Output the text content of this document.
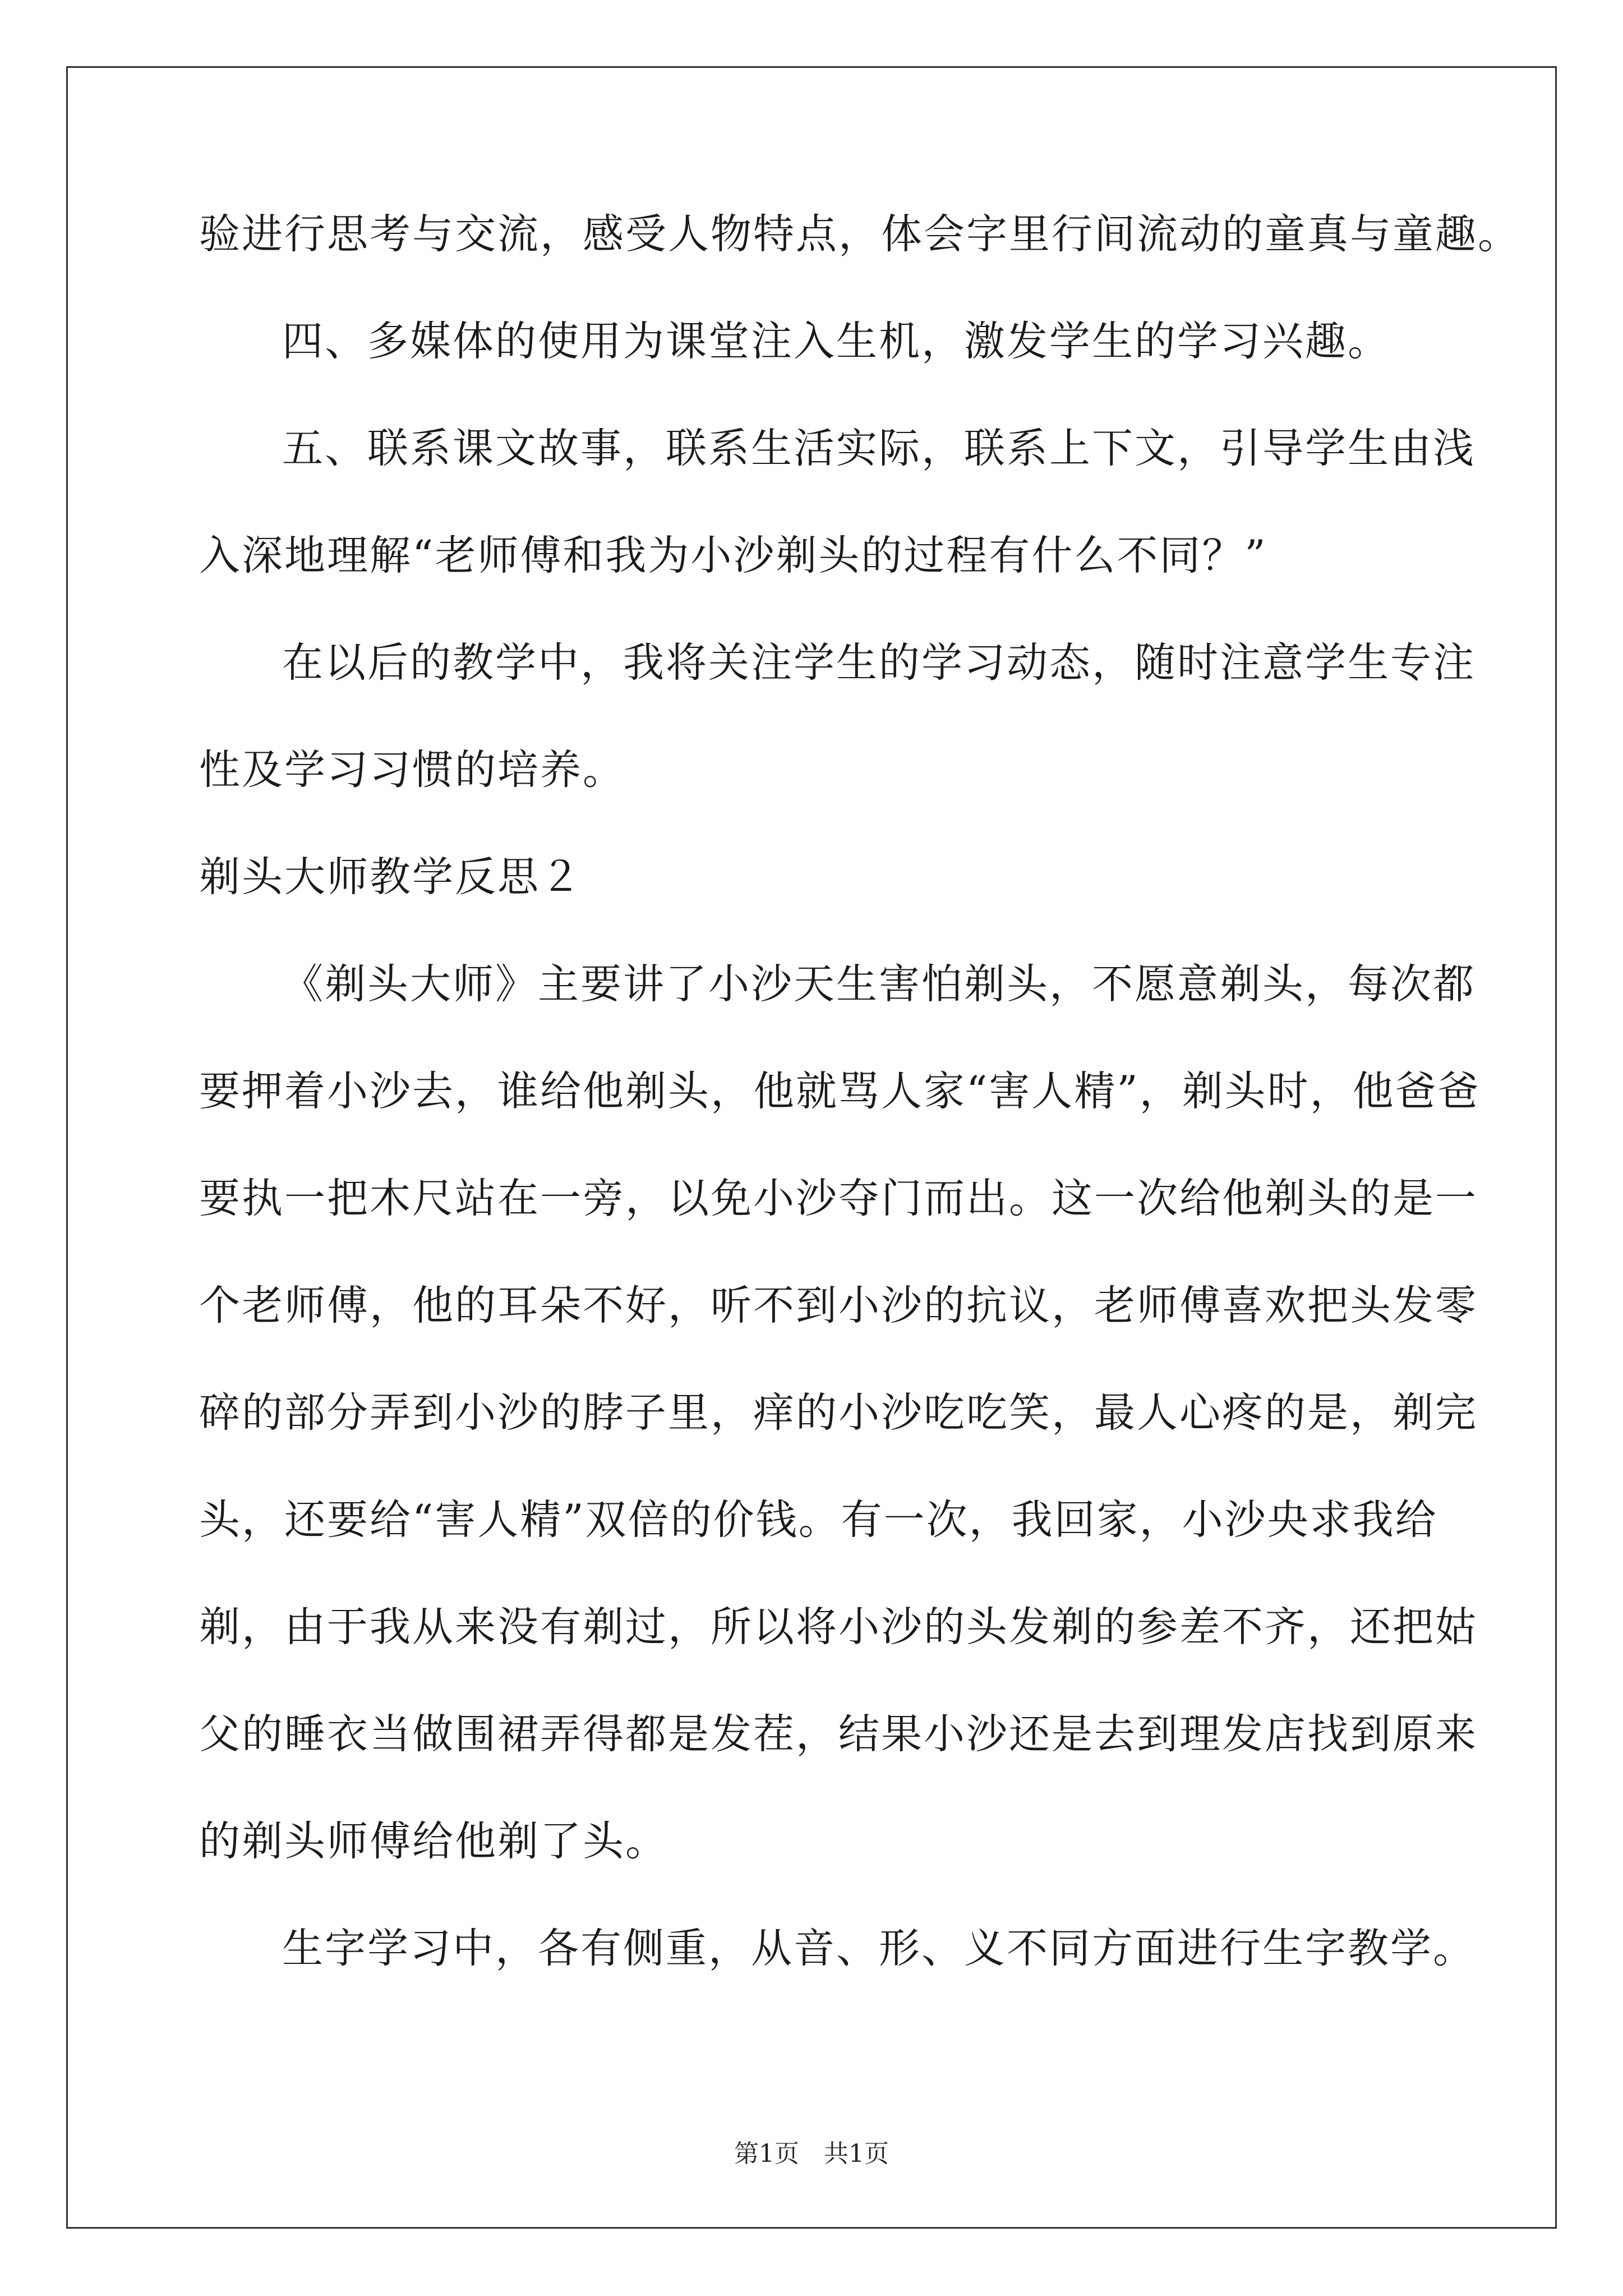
验进行思考与交流，感受人物特点，体会字里行间流动的童真与童趣。
四、多媒体的使用为课堂注入生机，激发学生的学习兴趣。
五、联系课文故事，联系生活实际，联系上下文，引导学生由浅
入深地理解“老师傅和我为小沙剃头的过程有什么不同？”
在以后的教学中，我将关注学生的学习动态，随时注意学生专注
性及学习习惯的培养。
剃头大师教学反思２
《剃头大师》主要讲了小沙天生害怕剃头，不愿意剃头，每次都
要押着小沙去，谁给他剃头，他就骂人家“害人精”，剃头时，他爸爸
要执一把木尺站在一旁，以免小沙夺门而出。这一次给他剃头的是一
个老师傅，他的耳朵不好，听不到小沙的抗议，老师傅喜欢把头发零
碎的部分弄到小沙的脖子里，痒的小沙吃吃笑，最人心疼的是，剃完
头，还要给“害人精”双倍的价钱。有一次，我回家，小沙央求我给
剃，由于我从来没有剃过，所以将小沙的头发剃的参差不齐，还把姑
父的睡衣当做围裙弄得都是发茬，结果小沙还是去到理发店找到原来
的剃头师傅给他剃了头。
生字学习中，各有侧重，从音、形、义不同方面进行生字教学。
第1页 共1页
